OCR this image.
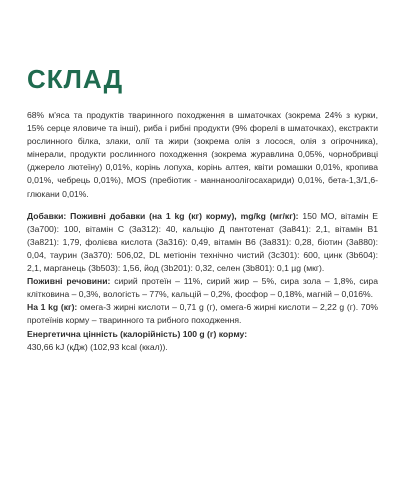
СКЛАД

68% м'яса та продуктів тваринного походження в шматочках (зокрема 24% з курки, 15% серце яловиче та інші), риба і рибні продукти (9% форелі в шматочках), екстракти рослинного білка, злаки, олії та жири (зокрема олія з лосося, олія з огірочника), мінерали, продукти рослинного походження (зокрема журавлина 0,05%, чорнобривці (джерело лютеїну) 0,01%, корінь лопуха, корінь алтея, квіти ромашки 0,01%, кропива 0,01%, чебрець 0,01%), MOS (пребіотик - маннаноолігосахариди) 0,01%, бета-1,3/1,6-глюкани 0,01%.

Добавки: Поживні добавки (на 1 kg (кг) корму), mg/kg (мг/кг): 150 МО, вітамін Е (3а700): 100, вітамін С (3а312): 40, кальцію Д пантотенат (3а841): 2,1, вітамін В1 (3а821): 1,79, фолієва кислота (3а316): 0,49, вітамін В6 (3а831): 0,28, біотин (3а880): 0,04, таурин (3а370): 506,02, DL метіонін технічно чистий (3с301): 600, цинк (3b604): 2,1, марганець (3b503): 1,56, йод (3b201): 0,32, селен (3b801): 0,1 µg (мкг).

Поживні речовини: сирий протеїн – 11%, сирий жир – 5%, сира зола – 1,8%, сира клітковина – 0,3%, вологість – 77%, кальцій – 0,2%, фосфор – 0,18%, магній – 0,016%.

На 1 kg (кг): омега-3 жирні кислоти – 0,71 g (г), омега-6 жирні кислоти – 2,22 g (г). 70% протеїнів корму – тваринного та рибного походження.

Енергетична цінність (калорійність) 100 g (г) корму:
430,66 kJ (кДж) (102,93 kcal (ккал)).
